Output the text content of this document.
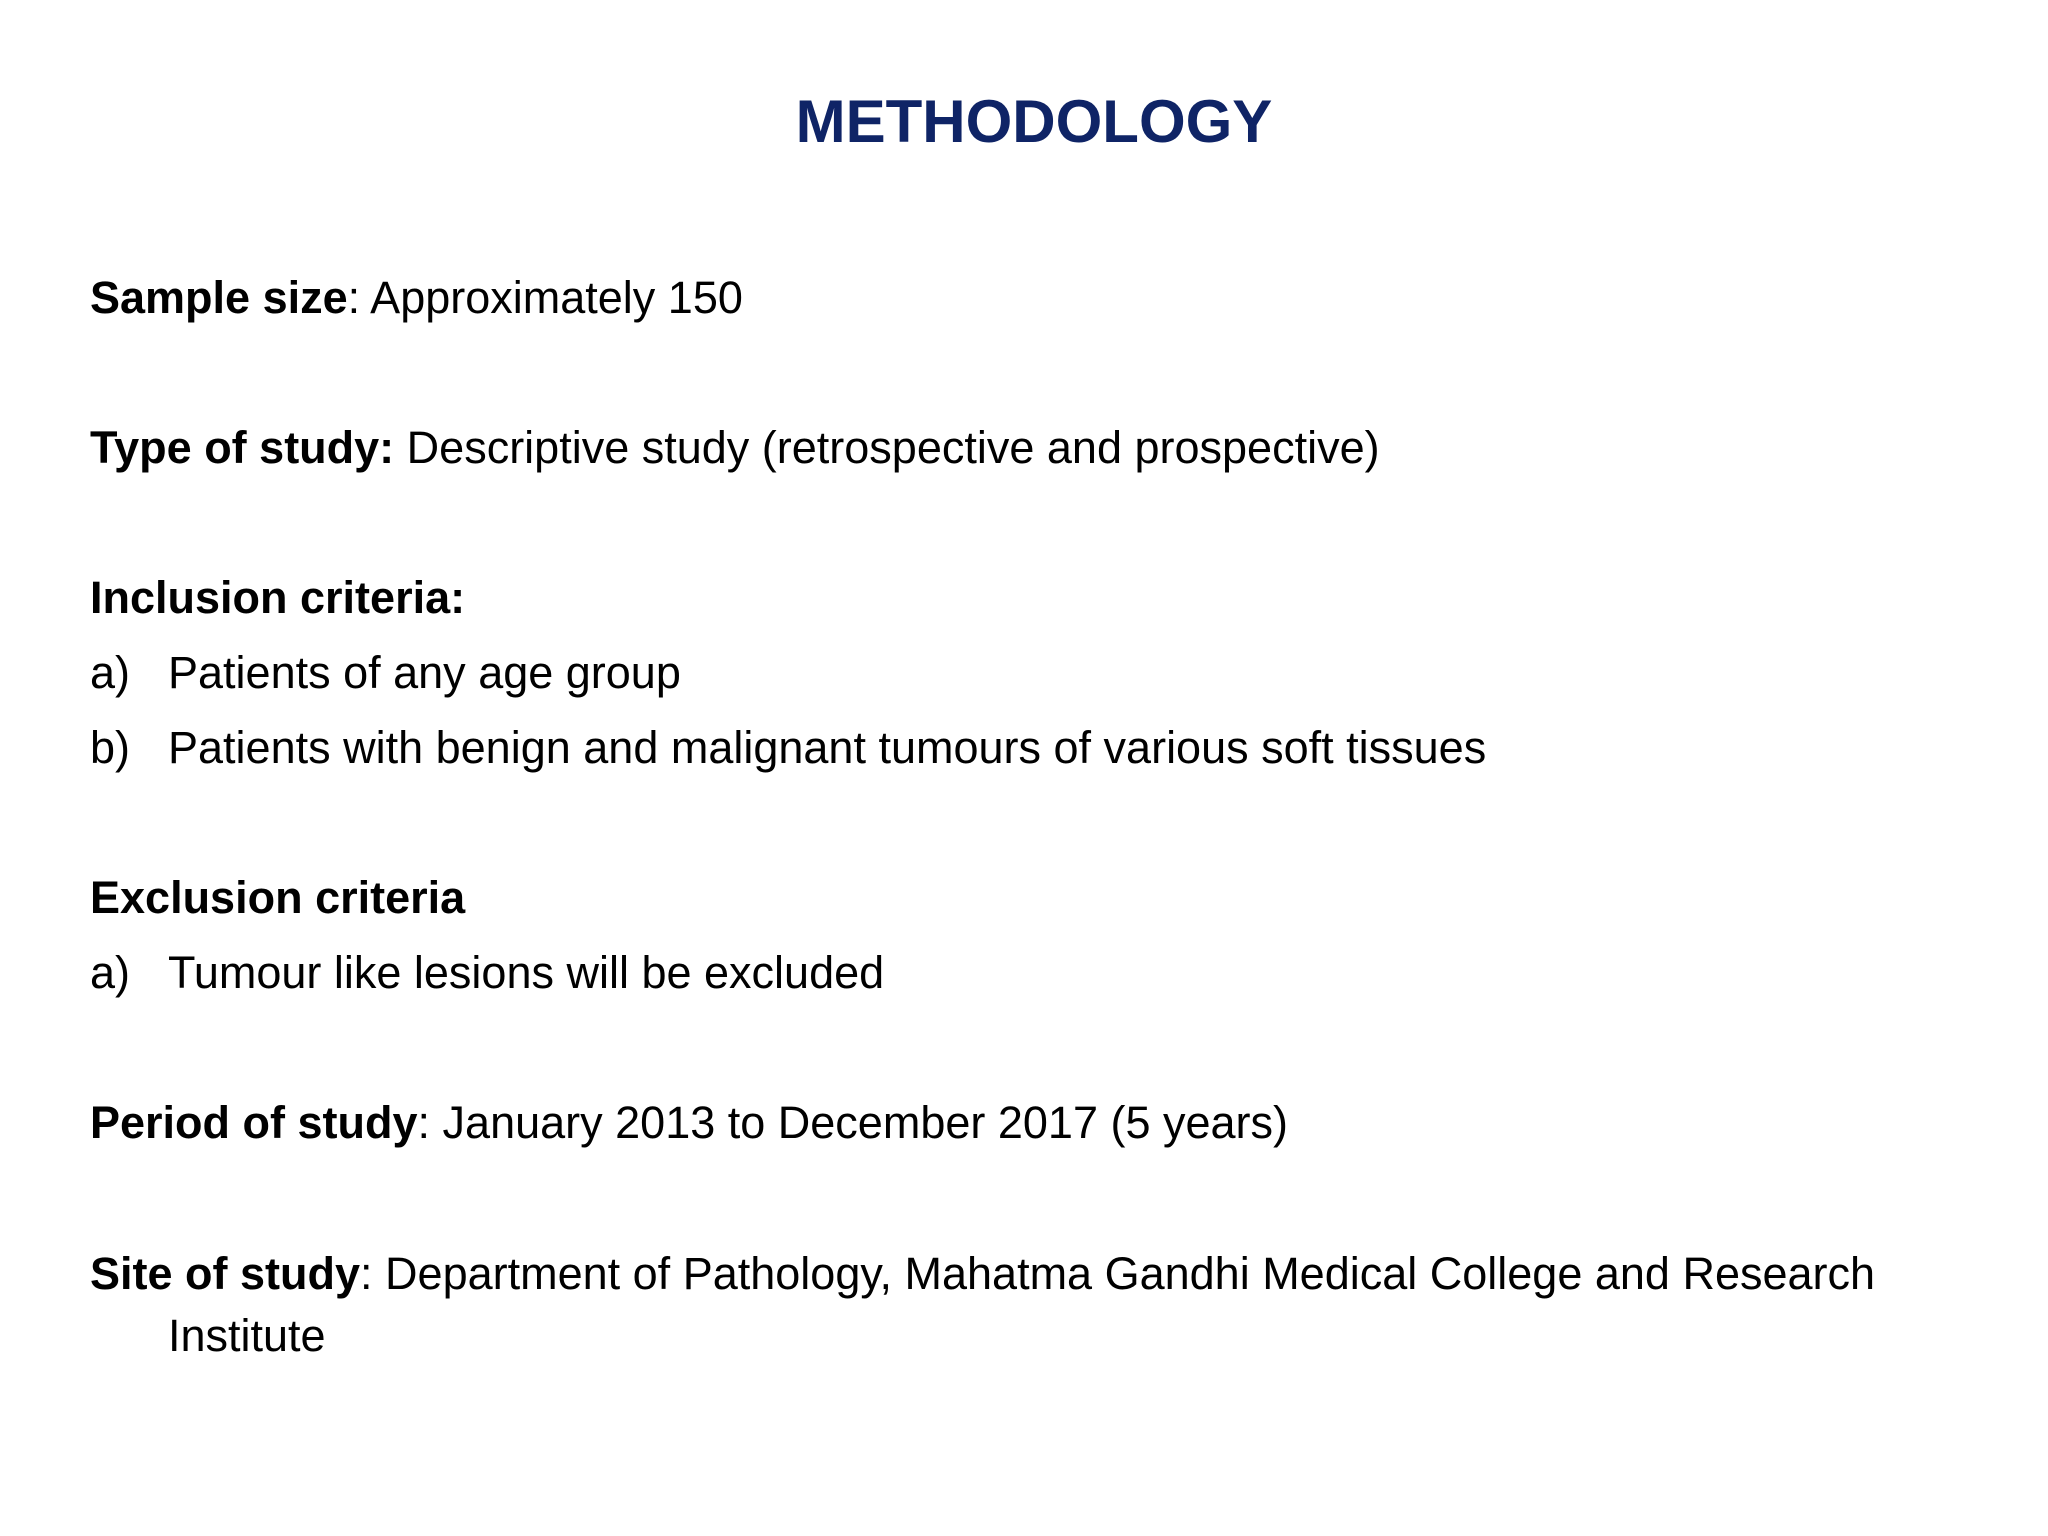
METHODOLOGY
Sample size: Approximately 150
Type of study: Descriptive study (retrospective and prospective)
Inclusion criteria:
a) Patients of any age group
b) Patients with benign and malignant tumours of various soft tissues
Exclusion criteria
a) Tumour like lesions will be excluded
Period of study: January 2013 to December 2017 (5 years)
Site of study: Department of Pathology, Mahatma Gandhi Medical College and Research
Institute
